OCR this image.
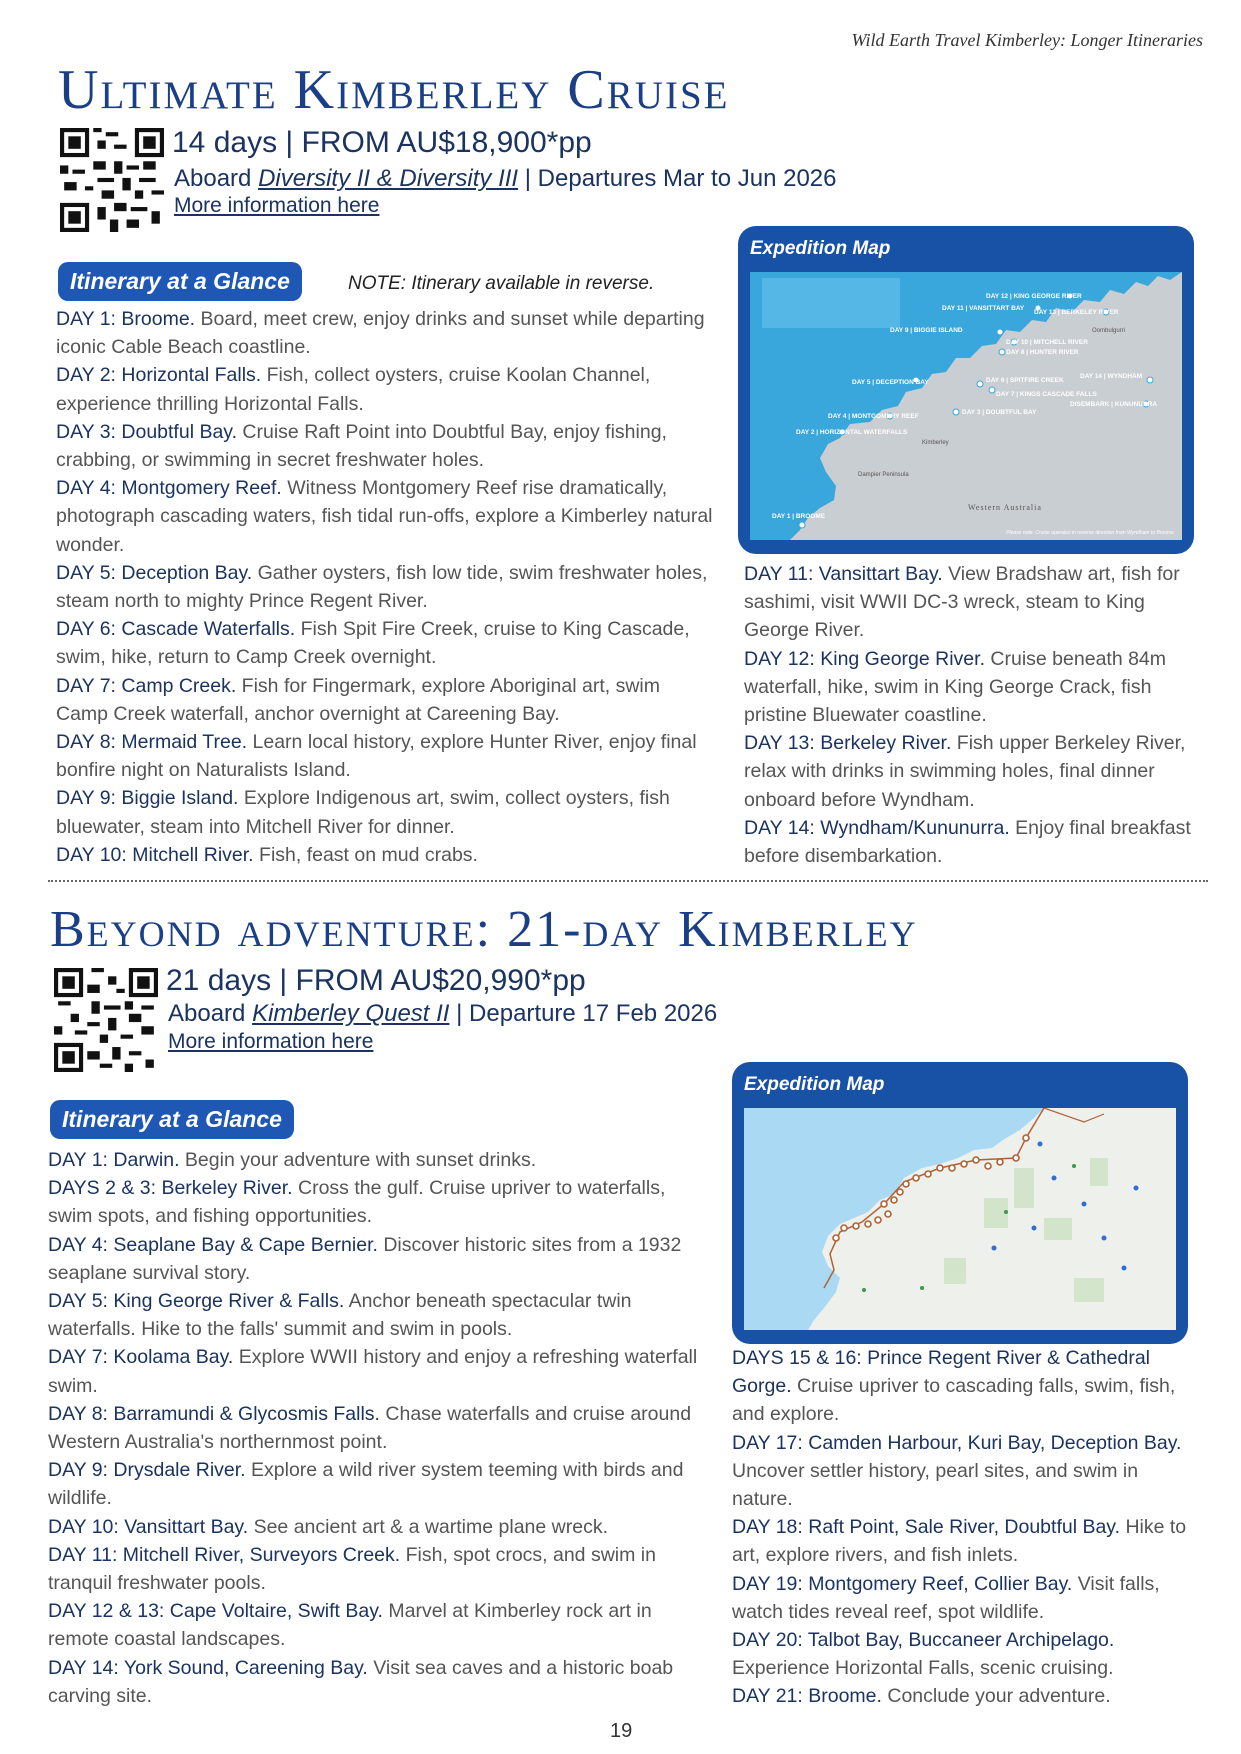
Wild Earth Travel Kimberley: Longer Itineraries
Ultimate Kimberley Cruise
14 days | FROM AU$18,900*pp
Aboard Diversity II & Diversity III | Departures Mar to Jun 2026
More information here
Itinerary at a Glance	NOTE: Itinerary available in reverse.
DAY 1: Broome. Board, meet crew, enjoy drinks and sunset while departing iconic Cable Beach coastline.
DAY 2: Horizontal Falls. Fish, collect oysters, cruise Koolan Channel, experience thrilling Horizontal Falls.
DAY 3: Doubtful Bay. Cruise Raft Point into Doubtful Bay, enjoy fishing, crabbing, or swimming in secret freshwater holes.
DAY 4: Montgomery Reef. Witness Montgomery Reef rise dramatically, photograph cascading waters, fish tidal run-offs, explore a Kimberley natural wonder.
DAY 5: Deception Bay. Gather oysters, fish low tide, swim freshwater holes, steam north to mighty Prince Regent River.
DAY 6: Cascade Waterfalls. Fish Spit Fire Creek, cruise to King Cascade, swim, hike, return to Camp Creek overnight.
DAY 7: Camp Creek. Fish for Fingermark, explore Aboriginal art, swim Camp Creek waterfall, anchor overnight at Careening Bay.
DAY 8: Mermaid Tree. Learn local history, explore Hunter River, enjoy final bonfire night on Naturalists Island.
DAY 9: Biggie Island. Explore Indigenous art, swim, collect oysters, fish bluewater, steam into Mitchell River for dinner.
DAY 10: Mitchell River. Fish, feast on mud crabs.
Expedition Map
DAY 1 | BROOME
DAY 2 | HORIZONTAL WATERFALLS
DAY 4 | MONTGOMERY REEF
DAY 3 | DOUBTFUL BAY
DAY 5 | DECEPTION BAY	DAY 6 | SPITFIRE CREEK
DAY 7 | KINGS CASCADE FALLS
DAY 8 | HUNTER RIVER
DAY 9 | BIGGIE ISLAND
DAY 10 | MITCHELL RIVER
DAY 11 | VANSITTART BAY
DAY 12 | KING GEORGE RIVER
DAY 13 | BERKELEY RIVER
DAY 14 | WYNDHAM
DISEMBARK | KUNUNURRA
Kimberley
Dampier Peninsula
Oombulgurri
Western Australia
Please note: Cruise operates in reverse direction from Wyndham to Broome
DAY 11: Vansittart Bay. View Bradshaw art, fish for sashimi, visit WWII DC-3 wreck, steam to King George River.
DAY 12: King George River. Cruise beneath 84m waterfall, hike, swim in King George Crack, fish pristine Bluewater coastline.
DAY 13: Berkeley River. Fish upper Berkeley River, relax with drinks in swimming holes, final dinner onboard before Wyndham.
DAY 14: Wyndham/Kununurra. Enjoy final breakfast before disembarkation.
Beyond adventure: 21-day Kimberley
21 days | FROM AU$20,990*pp
Aboard Kimberley Quest II | Departure 17 Feb 2026
More information here
Itinerary at a Glance
DAY 1: Darwin. Begin your adventure with sunset drinks.
DAYS 2 & 3: Berkeley River. Cross the gulf. Cruise upriver to waterfalls, swim spots, and fishing opportunities.
DAY 4: Seaplane Bay & Cape Bernier. Discover historic sites from a 1932 seaplane survival story.
DAY 5: King George River & Falls. Anchor beneath spectacular twin waterfalls. Hike to the falls' summit and swim in pools.
DAY 7: Koolama Bay. Explore WWII history and enjoy a refreshing waterfall swim.
DAY 8: Barramundi & Glycosmis Falls. Chase waterfalls and cruise around Western Australia's northernmost point.
DAY 9: Drysdale River. Explore a wild river system teeming with birds and wildlife.
DAY 10: Vansittart Bay. See ancient art & a wartime plane wreck.
DAY 11: Mitchell River, Surveyors Creek. Fish, spot crocs, and swim in tranquil freshwater pools.
DAY 12 & 13: Cape Voltaire, Swift Bay. Marvel at Kimberley rock art in remote coastal landscapes.
DAY 14: York Sound, Careening Bay. Visit sea caves and a historic boab carving site.
Expedition Map
DAYS 15 & 16: Prince Regent River & Cathedral Gorge. Cruise upriver to cascading falls, swim, fish, and explore.
DAY 17: Camden Harbour, Kuri Bay, Deception Bay. Uncover settler history, pearl sites, and swim in nature.
DAY 18: Raft Point, Sale River, Doubtful Bay. Hike to art, explore rivers, and fish inlets.
DAY 19: Montgomery Reef, Collier Bay. Visit falls, watch tides reveal reef, spot wildlife.
DAY 20: Talbot Bay, Buccaneer Archipelago. Experience Horizontal Falls, scenic cruising.
DAY 21: Broome. Conclude your adventure.
19
